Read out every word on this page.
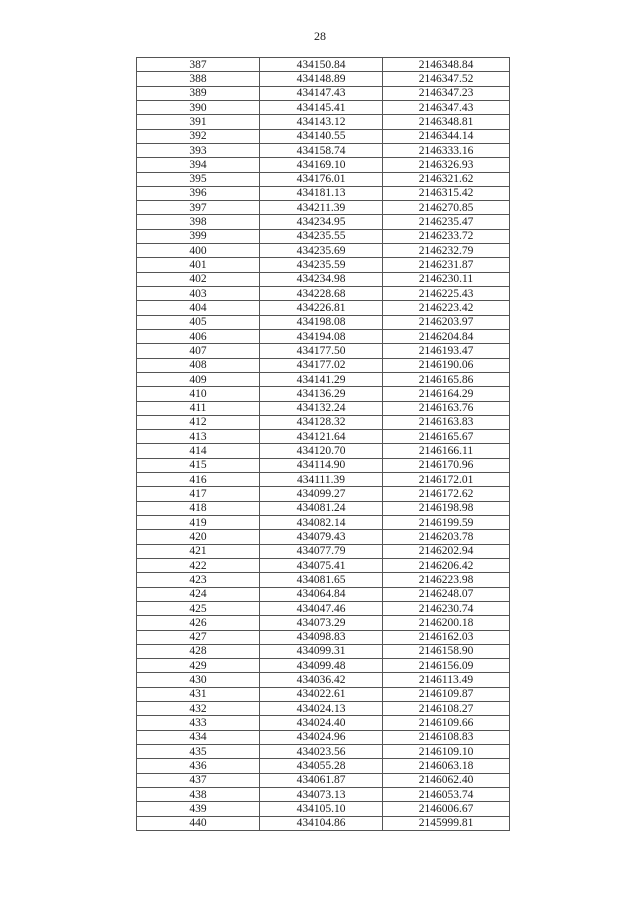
28
387	434150.84	2146348.84
388	434148.89	2146347.52
389	434147.43	2146347.23
390	434145.41	2146347.43
391	434143.12	2146348.81
392	434140.55	2146344.14
393	434158.74	2146333.16
394	434169.10	2146326.93
395	434176.01	2146321.62
396	434181.13	2146315.42
397	434211.39	2146270.85
398	434234.95	2146235.47
399	434235.55	2146233.72
400	434235.69	2146232.79
401	434235.59	2146231.87
402	434234.98	2146230.11
403	434228.68	2146225.43
404	434226.81	2146223.42
405	434198.08	2146203.97
406	434194.08	2146204.84
407	434177.50	2146193.47
408	434177.02	2146190.06
409	434141.29	2146165.86
410	434136.29	2146164.29
411	434132.24	2146163.76
412	434128.32	2146163.83
413	434121.64	2146165.67
414	434120.70	2146166.11
415	434114.90	2146170.96
416	434111.39	2146172.01
417	434099.27	2146172.62
418	434081.24	2146198.98
419	434082.14	2146199.59
420	434079.43	2146203.78
421	434077.79	2146202.94
422	434075.41	2146206.42
423	434081.65	2146223.98
424	434064.84	2146248.07
425	434047.46	2146230.74
426	434073.29	2146200.18
427	434098.83	2146162.03
428	434099.31	2146158.90
429	434099.48	2146156.09
430	434036.42	2146113.49
431	434022.61	2146109.87
432	434024.13	2146108.27
433	434024.40	2146109.66
434	434024.96	2146108.83
435	434023.56	2146109.10
436	434055.28	2146063.18
437	434061.87	2146062.40
438	434073.13	2146053.74
439	434105.10	2146006.67
440	434104.86	2145999.81
